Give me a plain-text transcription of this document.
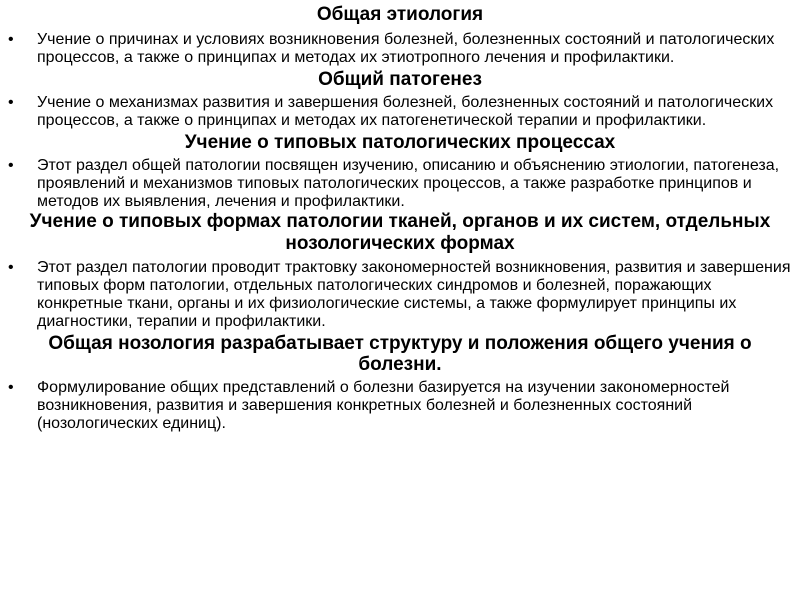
Общая этиология

•	Учение о причинах и условиях возникновения болезней, болезненных состояний и патологических процессов, а также о принципах и методах их этиотропного лечения и профилактики.

Общий патогенез

•	Учение о механизмах развития и завершения болезней, болезненных состояний и патологических процессов, а также о принципах и методах их патогенетической терапии и профилактики.

Учение о типовых патологических процессах

•	Этот раздел общей патологии посвящен изучению, описанию и объяснению этиологии, патогенеза, проявлений и механизмов типовых патологических процессов, а также разработке принципов и методов их выявления, лечения и профилактики.

Учение о типовых формах патологии тканей, органов и их систем, отдельных нозологических формах

•	Этот раздел патологии проводит трактовку закономерностей возникновения, развития и завершения типовых форм патологии, отдельных патологических синдромов и болезней, поражающих конкретные ткани, органы и их физиологические системы, а также формулирует принципы их диагностики, терапии и профилактики.

Общая нозология разрабатывает структуру и положения общего учения о болезни.

•	Формулирование общих представлений о болезни базируется на изучении закономерностей возникновения, развития и завершения конкретных болезней и болезненных состояний (нозологических единиц).
